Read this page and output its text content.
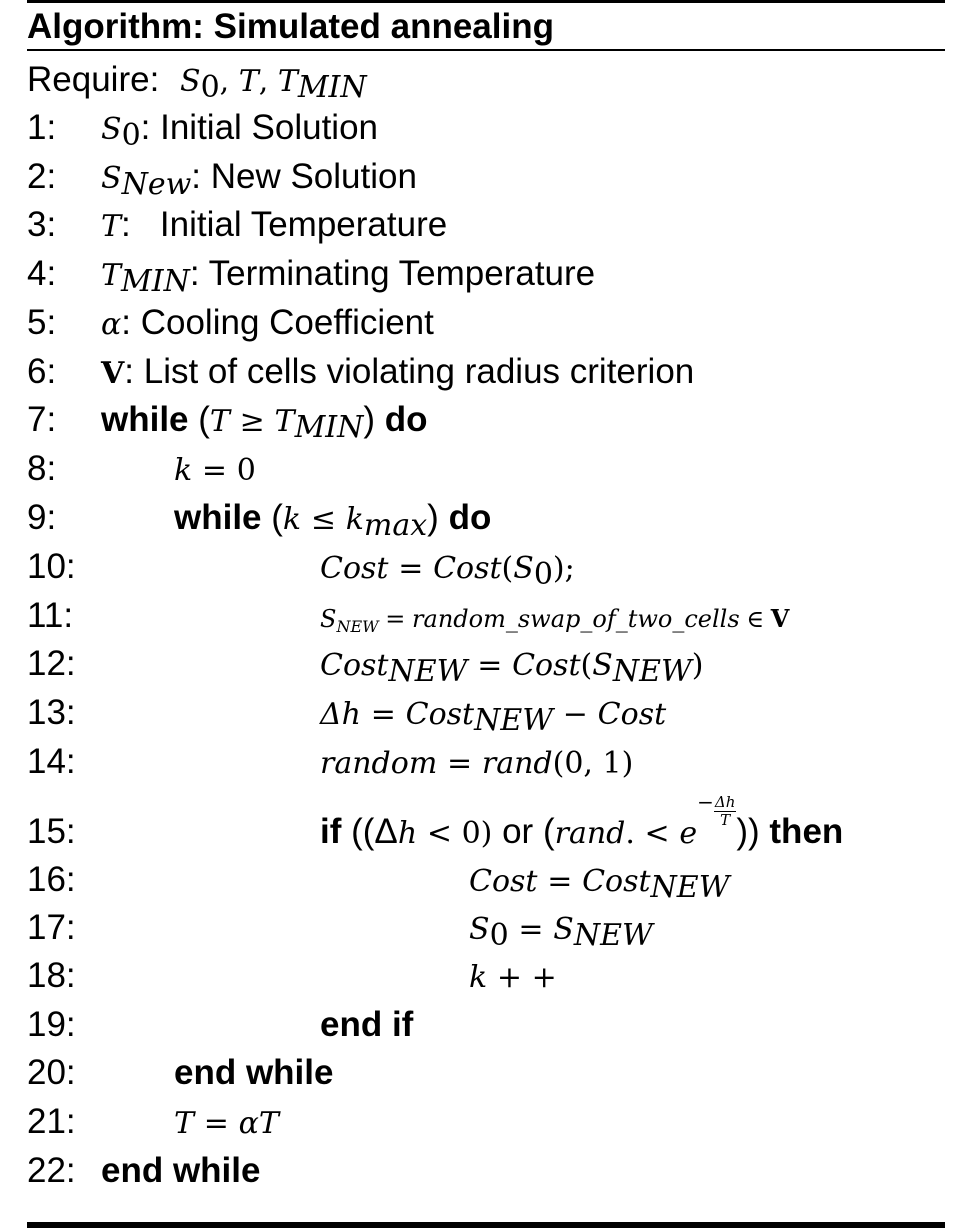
Algorithm: Simulated annealing
Require: $S_0$, T, $T_{MIN}$
1: $S_0$: Initial Solution
2: $S_{New}$: New Solution
3: T:   Initial Temperature
4: $T_{MIN}$: Terminating Temperature
5: α: Cooling Coefficient
6: V: List of cells violating radius criterion
7: while $(T \ge T_{MIN})$ do
8:	k = 0
9:	while $(k \le k_{max})$ do
10:	Cost = $Cost(S_0)$;
11:	$S_{NEW}$ = random_swap_of_two_cells ∈ V
12:	Cost$_{NEW}$ = $Cost(S_{NEW})$
13:	Δh = Cost$_{NEW}$ − Cost
14:	random = rand(0, 1)
15:	if ((Δh < 0) or (rand. < $e- \frac{\Delta h}{T}$
)) then
16:	Cost = Cost$_{NEW}$
17:	$S_0 = S_{NEW}$
18:	k + +
19:	end if
20:	end while
21:	T = αT
22: end while
